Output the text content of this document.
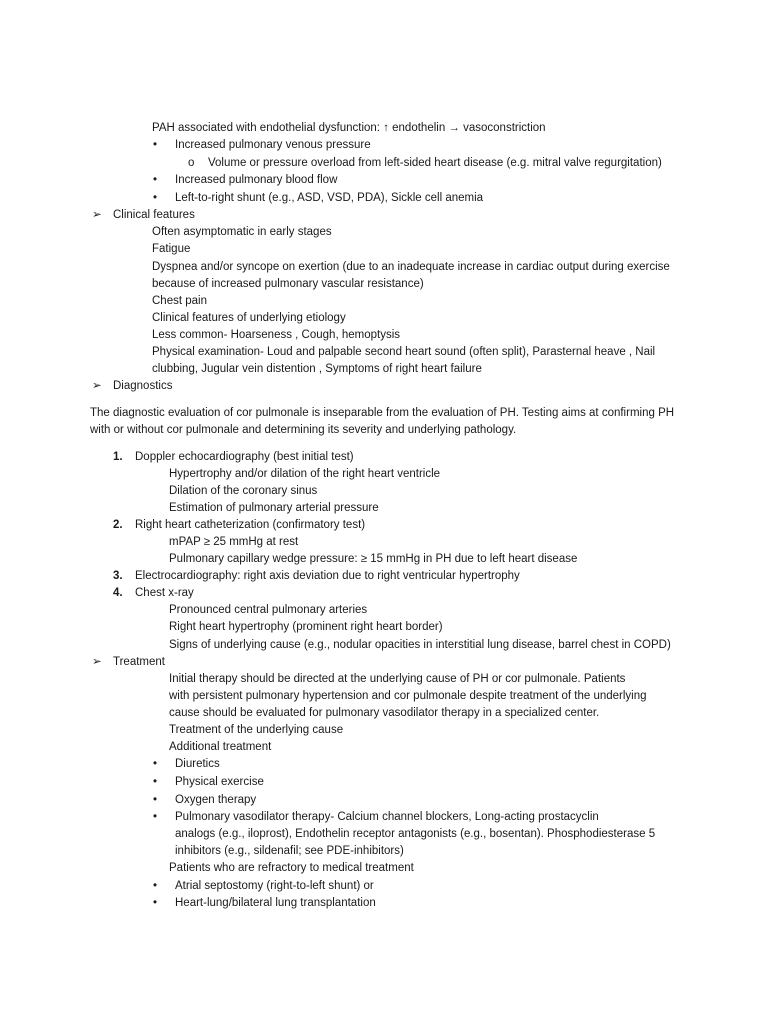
PAH associated with endothelial dysfunction: ↑ endothelin → vasoconstriction
• Increased pulmonary venous pressure
o Volume or pressure overload from left-sided heart disease (e.g. mitral valve regurgitation)
• Increased pulmonary blood flow
• Left-to-right shunt (e.g., ASD, VSD, PDA), Sickle cell anemia
➢ Clinical features
Often asymptomatic in early stages
Fatigue
Dyspnea and/or syncope on exertion (due to an inadequate increase in cardiac output during exercise
because of increased pulmonary vascular resistance)
Chest pain
Clinical features of underlying etiology
Less common- Hoarseness , Cough, hemoptysis
Physical examination- Loud and palpable second heart sound (often split), Parasternal heave , Nail
clubbing, Jugular vein distention , Symptoms of right heart failure
➢ Diagnostics
The diagnostic evaluation of cor pulmonale is inseparable from the evaluation of PH. Testing aims at confirming PH
with or without cor pulmonale and determining its severity and underlying pathology.
1. Doppler echocardiography (best initial test)
Hypertrophy and/or dilation of the right heart ventricle
Dilation of the coronary sinus
Estimation of pulmonary arterial pressure
2. Right heart catheterization (confirmatory test)
mPAP ≥ 25 mmHg at rest
Pulmonary capillary wedge pressure: ≥ 15 mmHg in PH due to left heart disease
3. Electrocardiography: right axis deviation due to right ventricular hypertrophy
4. Chest x-ray
Pronounced central pulmonary arteries
Right heart hypertrophy (prominent right heart border)
Signs of underlying cause (e.g., nodular opacities in interstitial lung disease, barrel chest in COPD)
➢ Treatment
Initial therapy should be directed at the underlying cause of PH or cor pulmonale. Patients
with persistent pulmonary hypertension and cor pulmonale despite treatment of the underlying
cause should be evaluated for pulmonary vasodilator therapy in a specialized center.
Treatment of the underlying cause
Additional treatment
• Diuretics
• Physical exercise
• Oxygen therapy
• Pulmonary vasodilator therapy- Calcium channel blockers, Long-acting prostacyclin
analogs (e.g., iloprost), Endothelin receptor antagonists (e.g., bosentan). Phosphodiesterase 5
inhibitors (e.g., sildenafil; see PDE-inhibitors)
Patients who are refractory to medical treatment
• Atrial septostomy (right-to-left shunt) or
• Heart-lung/bilateral lung transplantation
